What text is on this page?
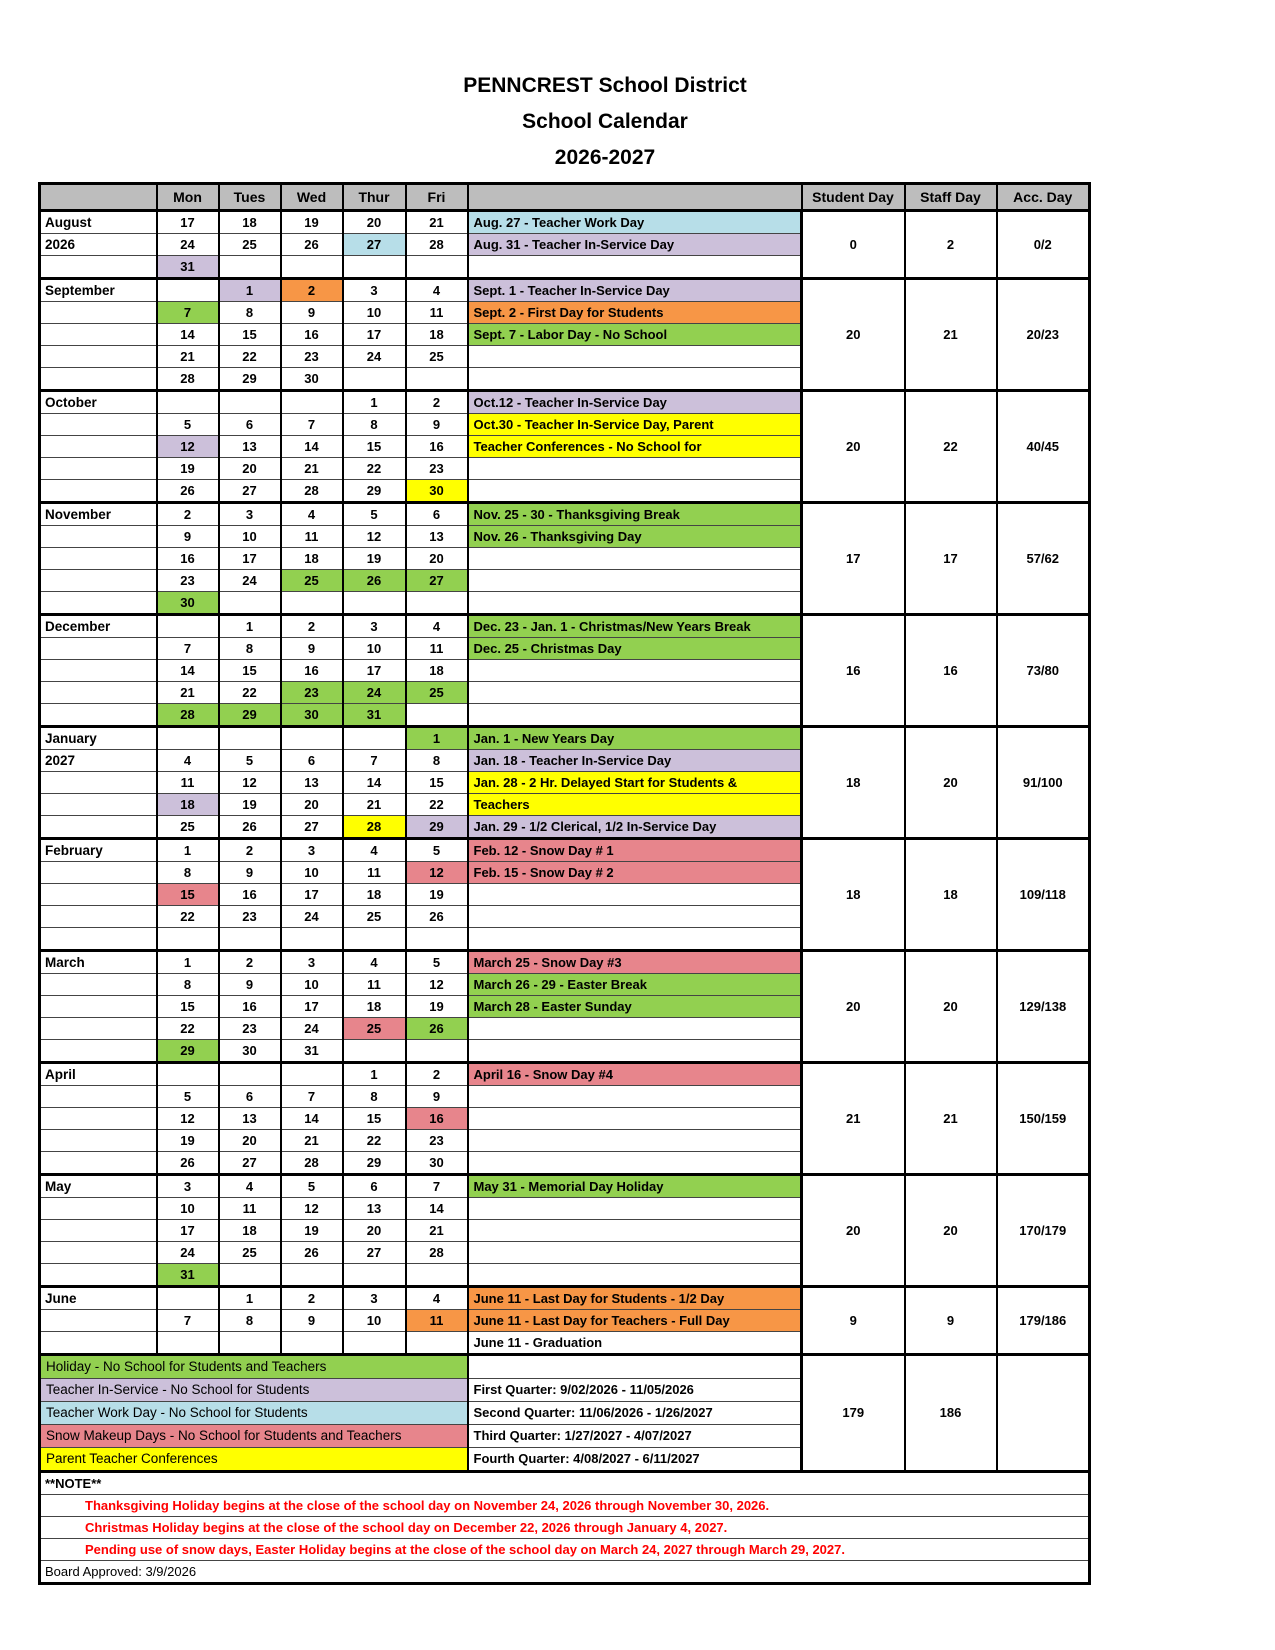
PENNCREST School District
School Calendar
2026-2027
	Mon	Tues	Wed	Thur	Fri		Student Day	Staff Day	Acc. Day
August	17	18	19	20	21	Aug. 27 - Teacher Work Day	0	2	0/2
2026	24	25	26	27	28	Aug. 31 - Teacher In-Service Day			
	31								
September		1	2	3	4	Sept. 1 - Teacher In-Service Day	20	21	20/23
	7	8	9	10	11	Sept. 2 - First Day for Students			
	14	15	16	17	18	Sept. 7 - Labor Day - No School			
	21	22	23	24	25				
	28	29	30						
October				1	2	Oct.12 - Teacher In-Service Day	20	22	40/45
	5	6	7	8	9	Oct.30 - Teacher In-Service Day, Parent			
	12	13	14	15	16	Teacher Conferences - No School for			
	19	20	21	22	23				
	26	27	28	29	30				
November	2	3	4	5	6	Nov. 25 - 30 - Thanksgiving Break	17	17	57/62
	9	10	11	12	13	Nov. 26 - Thanksgiving Day			
	16	17	18	19	20				
	23	24	25	26	27				
	30								
December		1	2	3	4	Dec. 23 - Jan. 1 - Christmas/New Years Break	16	16	73/80
	7	8	9	10	11	Dec. 25 - Christmas Day			
	14	15	16	17	18				
	21	22	23	24	25				
	28	29	30	31					
January					1	Jan. 1 - New Years Day	18	20	91/100
2027	4	5	6	7	8	Jan. 18 - Teacher In-Service Day			
	11	12	13	14	15	Jan. 28 - 2 Hr. Delayed Start for Students &			
	18	19	20	21	22	Teachers			
	25	26	27	28	29	Jan. 29 - 1/2 Clerical, 1/2 In-Service Day			
February	1	2	3	4	5	Feb. 12 - Snow Day # 1	18	18	109/118
	8	9	10	11	12	Feb. 15 - Snow Day # 2			
	15	16	17	18	19				
	22	23	24	25	26				

March	1	2	3	4	5	March 25 - Snow Day #3	20	20	129/138
	8	9	10	11	12	March 26 - 29 - Easter Break			
	15	16	17	18	19	March 28 - Easter Sunday			
	22	23	24	25	26				
	29	30	31						
April				1	2	April 16 - Snow Day #4	21	21	150/159
	5	6	7	8	9				
	12	13	14	15	16				
	19	20	21	22	23				
	26	27	28	29	30				
May	3	4	5	6	7	May 31 - Memorial Day Holiday	20	20	170/179
	10	11	12	13	14				
	17	18	19	20	21				
	24	25	26	27	28				
	31								
June		1	2	3	4	June 11 - Last Day for Students - 1/2 Day	9	9	179/186
	7	8	9	10	11	June 11 - Last Day for Teachers - Full Day			
						June 11 - Graduation			
Holiday - No School for Students and Teachers							179	186	
Teacher In-Service - No School for Students						First Quarter: 9/02/2026 - 11/05/2026			
Teacher Work Day - No School for Students						Second Quarter: 11/06/2026 - 1/26/2027			
Snow Makeup Days - No School for Students and Teachers						Third Quarter: 1/27/2027 - 4/07/2027			
Parent Teacher Conferences						Fourth Quarter: 4/08/2027 - 6/11/2027			
**NOTE**									
Thanksgiving Holiday begins at the close of the school day on November 24, 2026 through November 30, 2026.									
Christmas Holiday begins at the close of the school day on December 22, 2026 through January 4, 2027.									
Pending use of snow days, Easter Holiday begins at the close of the school day on March 24, 2027 through March 29, 2027.									
Board Approved: 3/9/2026									
